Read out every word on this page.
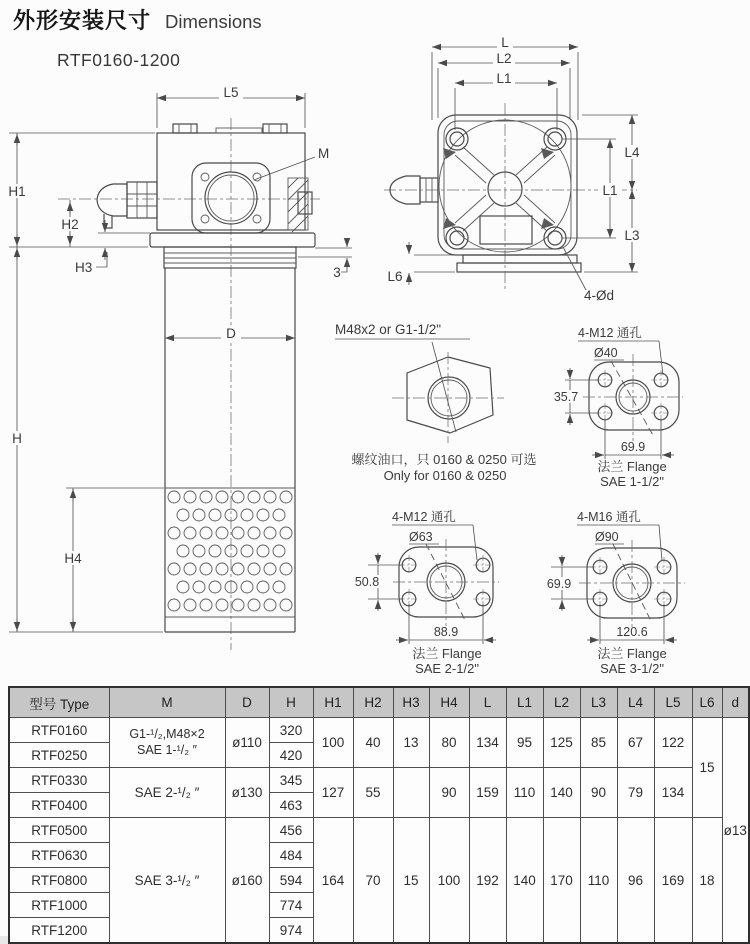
外形安装尺寸 Dimensions
RTF0160-1200
H1
H
H2
H3	3
D
H4
L5
M
L
L2
L1
L4
L3
L1
L6
4-Ød
M48x2 or G1-1/2"
螺纹油口，只 0160 & 0250 可选
Only for 0160 & 0250
4-M12 通孔
Ø40
35.7
69.9
法兰 Flange
SAE 1-1/2"
4-M12 通孔
Ø63
50.8
88.9
法兰 Flange
SAE 2-1/2"
4-M16 通孔
Ø90
69.9
120.6
法兰 Flange
SAE 3-1/2"
型号 Type	M	D	H	H1	H2	H3	H4	L	L1	L2	L3	L4	L5	L6	d
RTF0160	G1-¹/₂,M48×2
SAE 1-¹/₂ ″	ø110	320	100	40	13	80	134	95	125	85	67	122	15	ø13
RTF0250			420												
RTF0330	SAE 2-¹/₂ ″	ø130	345	127	55		90	159	110	140	90	79	134		
RTF0400			463												
RTF0500	SAE 3-¹/₂ ″	ø160	456	164	70	15	100	192	140	170	110	96	169	18	
RTF0630			484												
RTF0800			594												
RTF1000			774												
RTF1200			974												
